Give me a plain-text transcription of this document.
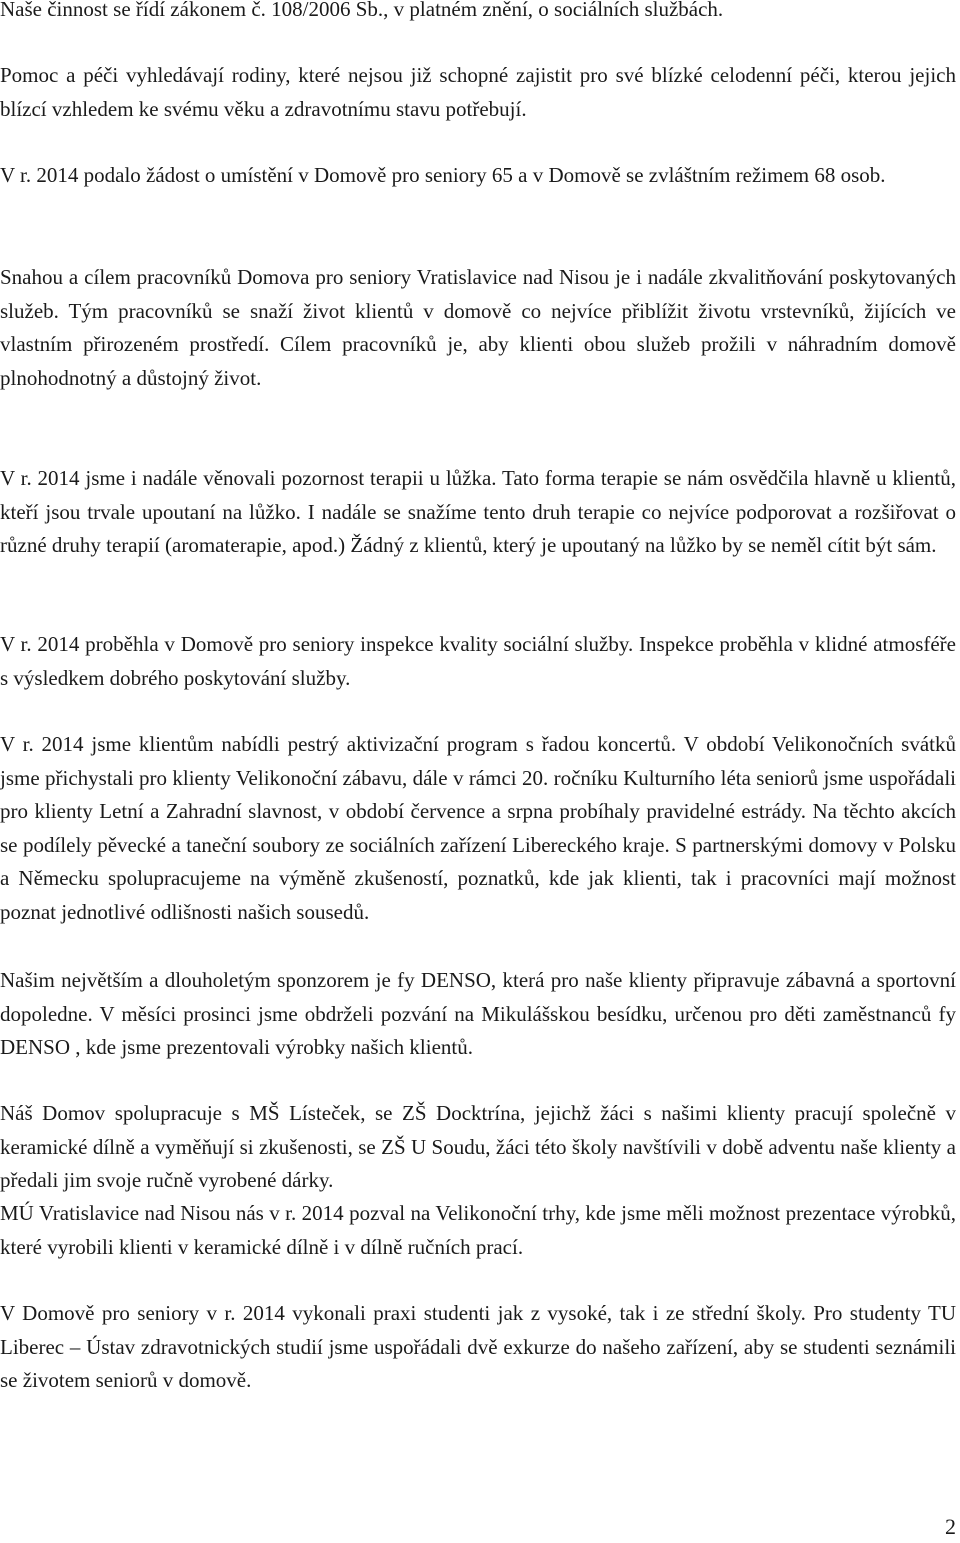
Naše činnost se řídí zákonem č. 108/2006 Sb., v platném znění, o sociálních službách.

Pomoc a péči vyhledávají rodiny, které nejsou již schopné zajistit pro své blízké celodenní péči, kterou jejich blízcí vzhledem ke svému věku a zdravotnímu stavu potřebují.

V r. 2014 podalo žádost o umístění v Domově pro seniory 65 a v Domově se zvláštním režimem 68 osob.

Snahou a cílem pracovníků Domova pro seniory Vratislavice nad Nisou je i nadále zkvalitňování poskytovaných služeb. Tým pracovníků se snaží život klientů v domově co nejvíce přiblížit životu vrstevníků, žijících ve vlastním přirozeném prostředí. Cílem pracovníků je, aby klienti obou služeb prožili v náhradním domově plnohodnotný a důstojný život.

V r. 2014 jsme i nadále věnovali pozornost terapii u lůžka. Tato forma terapie se nám osvědčila hlavně u klientů, kteří jsou trvale upoutaní na lůžko. I nadále se snažíme tento druh terapie co nejvíce podporovat a rozšiřovat o různé druhy terapií (aromaterapie, apod.) Žádný z klientů, který je upoutaný na lůžko by se neměl cítit být sám.

V r. 2014 proběhla v Domově pro seniory inspekce kvality sociální služby. Inspekce proběhla v klidné atmosféře s výsledkem dobrého poskytování služby.

V r. 2014 jsme klientům nabídli pestrý aktivizační program s řadou koncertů. V období Velikonočních svátků jsme přichystali pro klienty Velikonoční zábavu, dále v rámci 20. ročníku Kulturního léta seniorů jsme uspořádali pro klienty Letní a Zahradní slavnost, v období července a srpna probíhaly pravidelné estrády. Na těchto akcích se podílely pěvecké a taneční soubory ze sociálních zařízení Libereckého kraje. S partnerskými domovy v Polsku a Německu spolupracujeme na výměně zkušeností, poznatků, kde jak klienti, tak i pracovníci mají možnost poznat jednotlivé odlišnosti našich sousedů.

Našim největším a dlouholetým sponzorem je fy DENSO, která pro naše klienty připravuje zábavná a sportovní dopoledne. V měsíci prosinci jsme obdrželi pozvání na Mikulášskou besídku, určenou pro děti zaměstnanců fy DENSO , kde jsme prezentovali výrobky našich klientů.

Náš Domov spolupracuje s MŠ Lísteček, se ZŠ Docktrína, jejichž žáci s našimi klienty pracují společně v keramické dílně a vyměňují si zkušenosti, se ZŠ U Soudu, žáci této školy navštívili v době adventu naše klienty a předali jim svoje ručně vyrobené dárky.

MÚ Vratislavice nad Nisou nás v r. 2014 pozval na Velikonoční trhy, kde jsme měli možnost prezentace výrobků, které vyrobili klienti v keramické dílně i v dílně ručních prací.

V Domově pro seniory v r. 2014 vykonali praxi studenti jak z vysoké, tak i ze střední školy. Pro studenty TU Liberec – Ústav zdravotnických studií jsme uspořádali dvě exkurze do našeho zařízení, aby se studenti seznámili se životem seniorů v domově.

2
